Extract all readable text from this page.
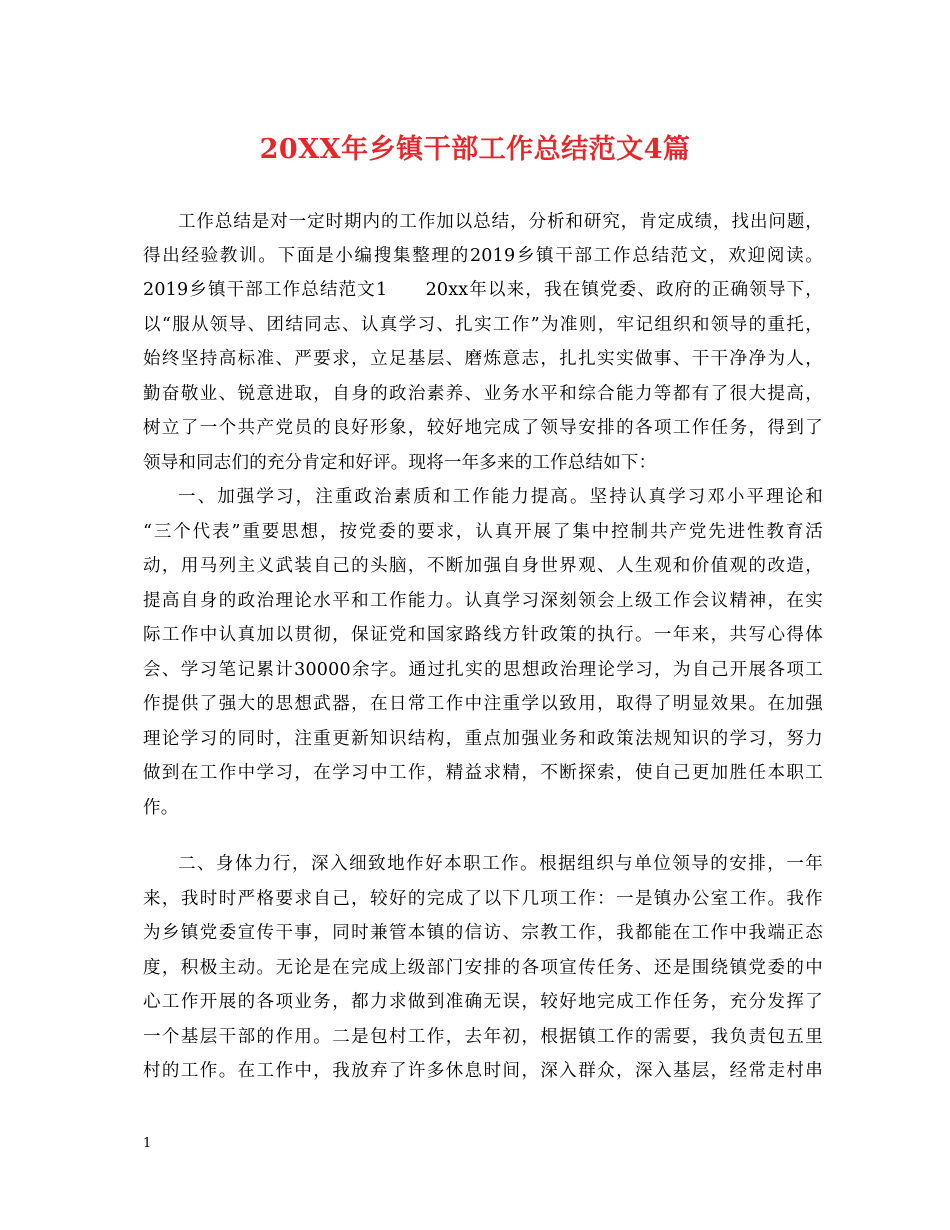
20XX年乡镇干部工作总结范文4篇
工作总结是对一定时期内的工作加以总结，分析和研究，肯定成绩，找出问题，
得出经验教训。下面是小编搜集整理的2019乡镇干部工作总结范文，欢迎阅读。
2019乡镇干部工作总结范文1　　20xx年以来，我在镇党委、政府的正确领导下，
以“服从领导、团结同志、认真学习、扎实工作”为准则，牢记组织和领导的重托，
始终坚持高标准、严要求，立足基层、磨炼意志，扎扎实实做事、干干净净为人，
勤奋敬业、锐意进取，自身的政治素养、业务水平和综合能力等都有了很大提高，
树立了一个共产党员的良好形象，较好地完成了领导安排的各项工作任务，得到了
领导和同志们的充分肯定和好评。现将一年多来的工作总结如下：
一、加强学习，注重政治素质和工作能力提高。坚持认真学习邓小平理论和
“三个代表”重要思想，按党委的要求，认真开展了集中控制共产党先进性教育活
动，用马列主义武装自己的头脑，不断加强自身世界观、人生观和价值观的改造，
提高自身的政治理论水平和工作能力。认真学习深刻领会上级工作会议精神，在实
际工作中认真加以贯彻，保证党和国家路线方针政策的执行。一年来，共写心得体
会、学习笔记累计30000余字。通过扎实的思想政治理论学习，为自己开展各项工
作提供了强大的思想武器，在日常工作中注重学以致用，取得了明显效果。在加强
理论学习的同时，注重更新知识结构，重点加强业务和政策法规知识的学习，努力
做到在工作中学习，在学习中工作，精益求精，不断探索，使自己更加胜任本职工
作。
二、身体力行，深入细致地作好本职工作。根据组织与单位领导的安排，一年
来，我时时严格要求自己，较好的完成了以下几项工作：一是镇办公室工作。我作
为乡镇党委宣传干事，同时兼管本镇的信访、宗教工作，我都能在工作中我端正态
度，积极主动。无论是在完成上级部门安排的各项宣传任务、还是围绕镇党委的中
心工作开展的各项业务，都力求做到准确无误，较好地完成工作任务，充分发挥了
一个基层干部的作用。二是包村工作，去年初，根据镇工作的需要，我负责包五里
村的工作。在工作中，我放弃了许多休息时间，深入群众，深入基层，经常走村串
1
